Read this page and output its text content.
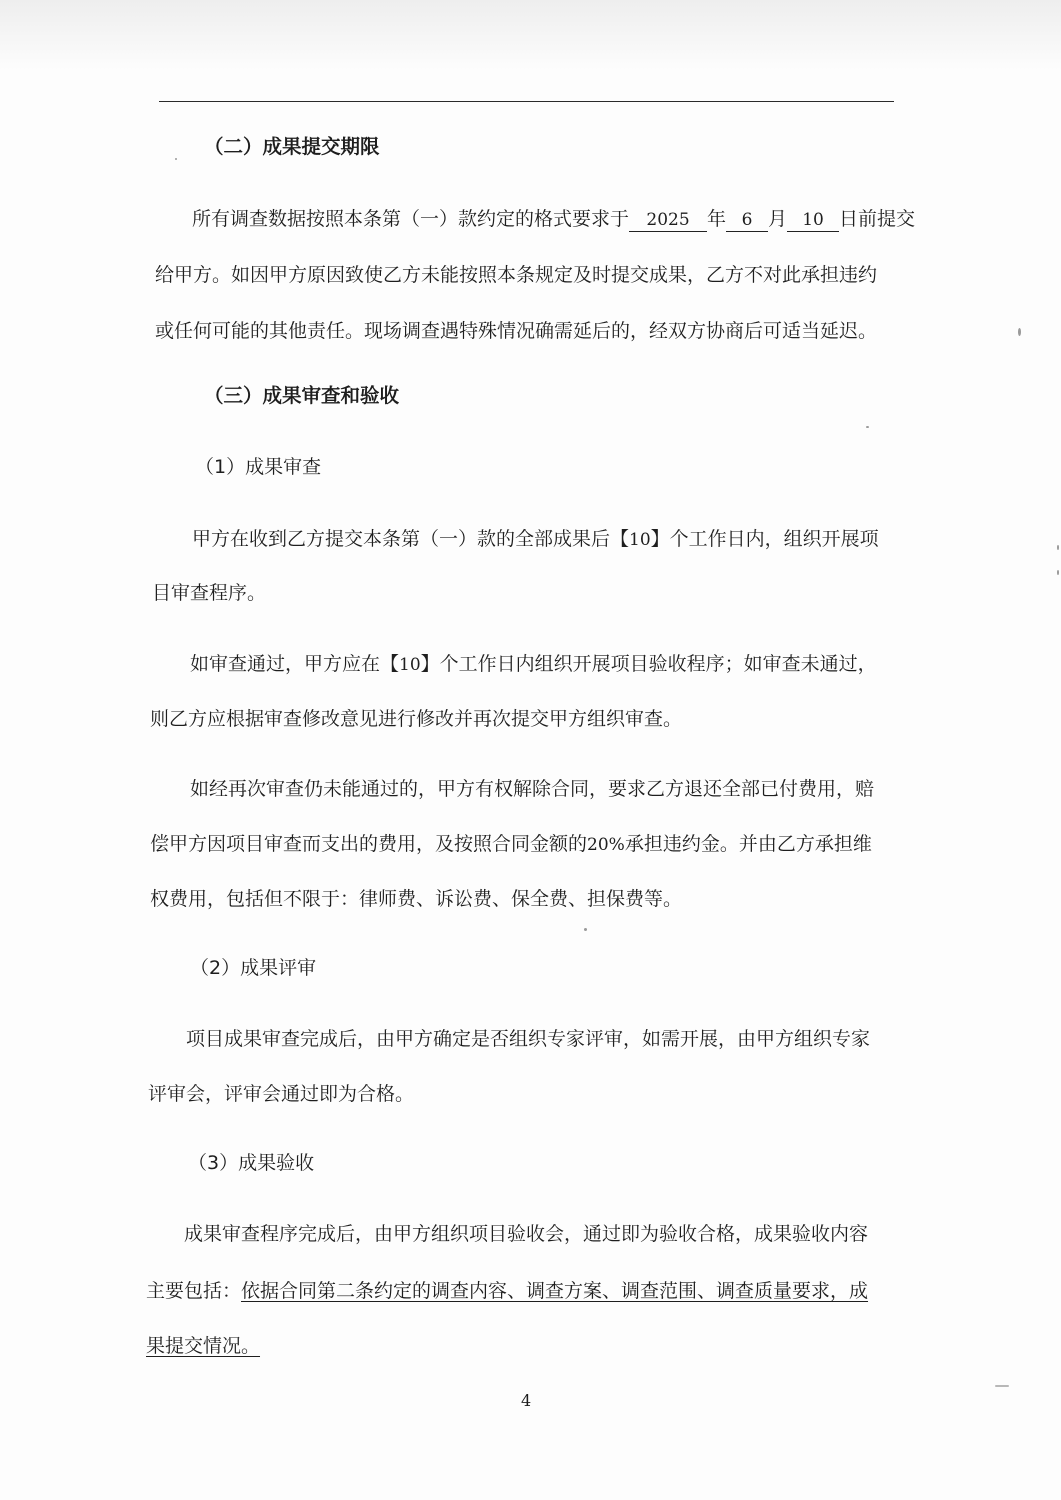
（二）成果提交期限
所有调查数据按照本条第（一）款约定的格式要求于 2025 年 6 月 10 日前提交
给甲方。如因甲方原因致使乙方未能按照本条规定及时提交成果，乙方不对此承担违约
或任何可能的其他责任。现场调查遇特殊情况确需延后的，经双方协商后可适当延迟。
（三）成果审查和验收
（1）成果审查
甲方在收到乙方提交本条第（一）款的全部成果后【10】个工作日内，组织开展项
目审查程序。
如审查通过，甲方应在【10】个工作日内组织开展项目验收程序；如审查未通过，
则乙方应根据审查修改意见进行修改并再次提交甲方组织审查。
如经再次审查仍未能通过的，甲方有权解除合同，要求乙方退还全部已付费用，赔
偿甲方因项目审查而支出的费用，及按照合同金额的20%承担违约金。并由乙方承担维
权费用，包括但不限于：律师费、诉讼费、保全费、担保费等。
（2）成果评审
项目成果审查完成后，由甲方确定是否组织专家评审，如需开展，由甲方组织专家
评审会，评审会通过即为合格。
（3）成果验收
成果审查程序完成后，由甲方组织项目验收会，通过即为验收合格，成果验收内容
主要包括：依据合同第二条约定的调查内容、调查方案、调查范围、调查质量要求，成
果提交情况。
4
